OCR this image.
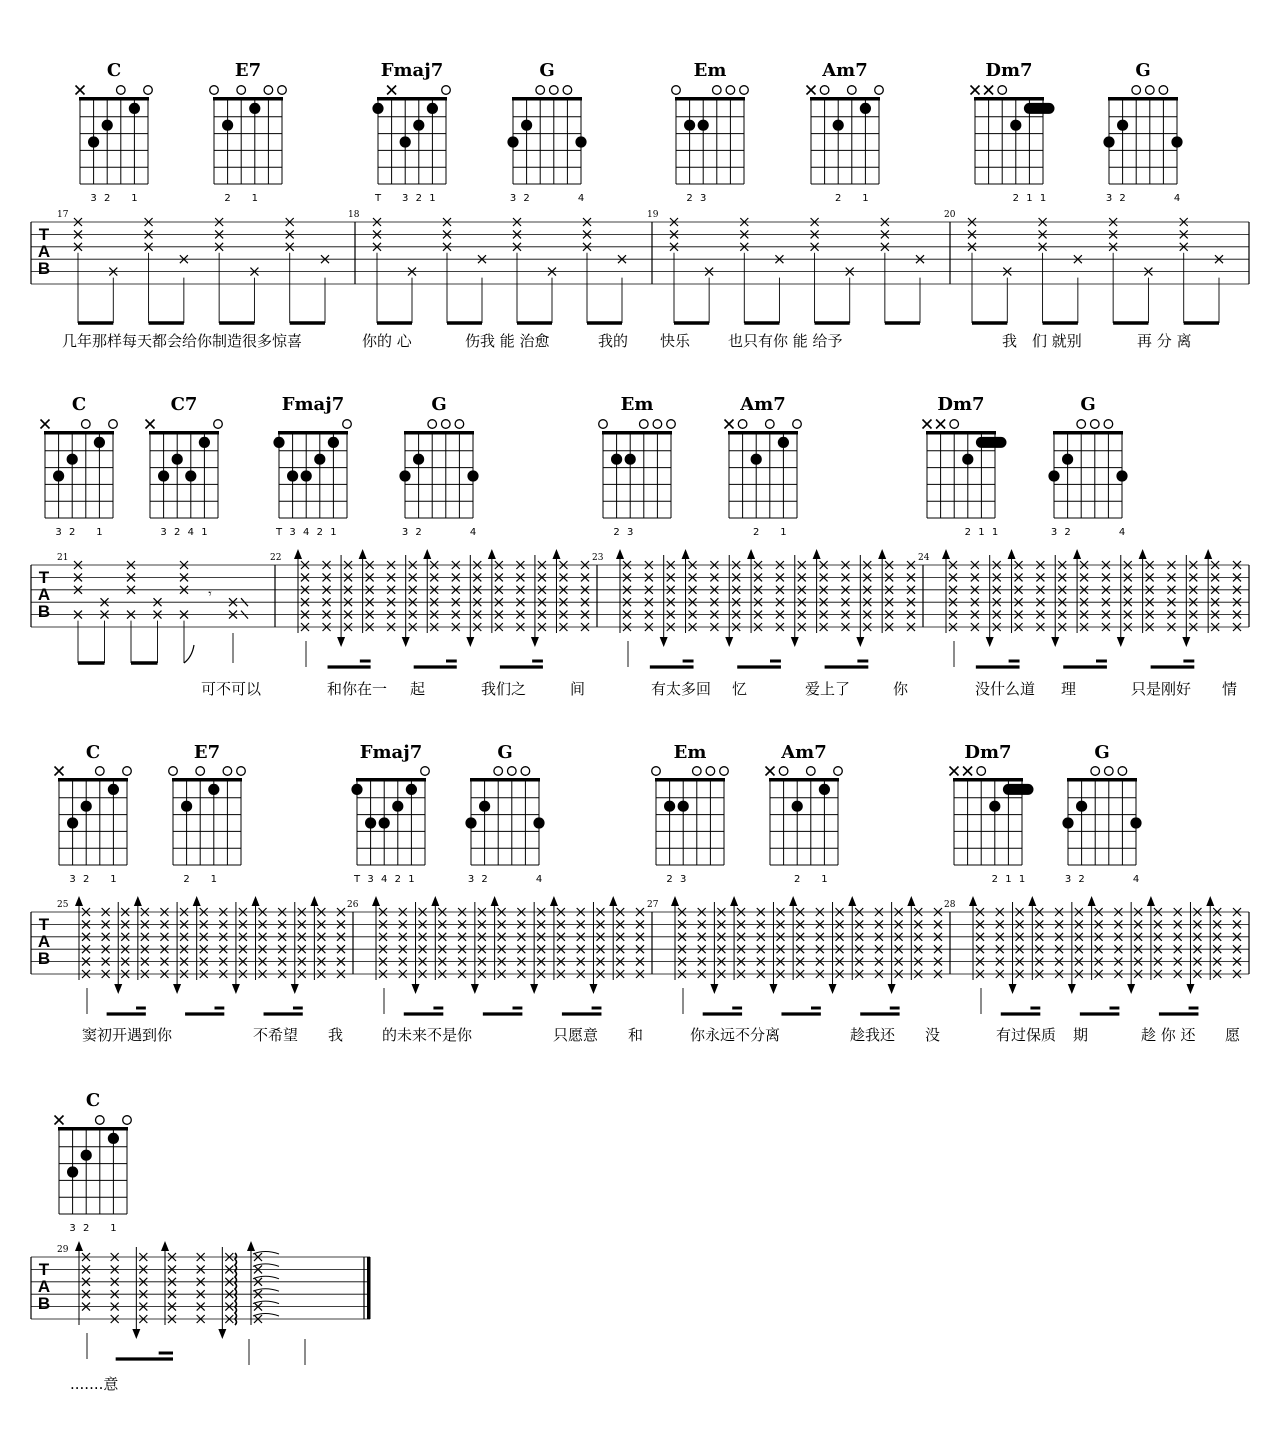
C
3 2 1
E7
2 1
Fmaj7
T 3 2 1
G
3 2	4
Em
2 3
Am7
2 1
Dm7
2 1 1
G
3 2	4
T
A
B
17	18	19	20
几年那样每天都会给你制造很多惊喜	你的 心	伤我 能 治愈	我的 快乐	也只有你 能 给予	我 们 就别	再 分 离
C
3 2 1
C7
3 2 4 1
Fmaj7
T 3 4 2 1
G
3 2	4
Em
2 3
Am7
2 1
Dm7
2 1 1
G
3 2	4
T
A
B
21	22	23	24
𝄾
可不可以	和你在一 起	我们之	间	有太多回 忆	爱上了	你	没什么道 理	只是刚好 情
C
3 2 1
E7
2 1
Fmaj7
T 3 4 2 1
G
3 2	4
Em
2 3
Am7
2 1
Dm7
2 1 1
G
3 2	4
T
A
B
25	26	27	28
窦初开遇到你	不希望 我	的未来不是你	只愿意 和	你永远不分离	趁我还 没	有过保质 期	趁 你 还 愿
C
3 2 1
T
A
B
29
.......意
